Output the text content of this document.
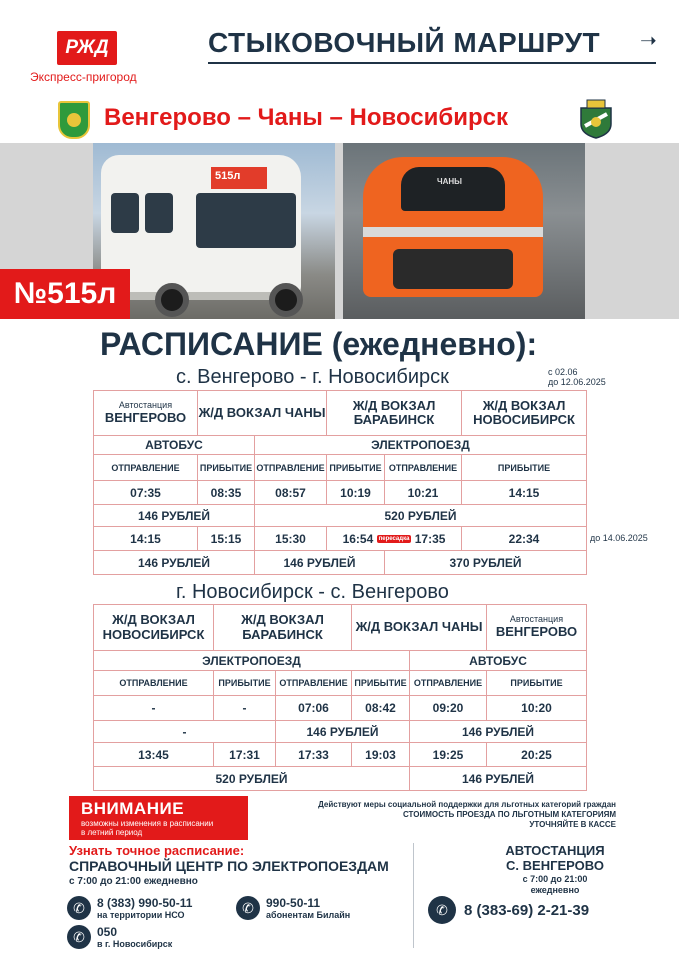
РЖД
Экспресс-пригород
СТЫКОВОЧНЫЙ МАРШРУТ ➝
Венгерово – Чаны – Новосибирск
515л	ЧАНЫ
№515л
РАСПИСАНИЕ (ежедневно):
с. Венгерово - г. Новосибирск	с 02.06
до 12.06.2025
Автостанция
ВЕНГЕРОВО	Ж/Д ВОКЗАЛ ЧАНЫ		Ж/Д ВОКЗАЛ БАРАБИНСК		Ж/Д ВОКЗАЛ НОВОСИБИРСК
АВТОБУС		ЭЛЕКТРОПОЕЗД			
ОТПРАВЛЕНИЕ	ПРИБЫТИЕ	ОТПРАВЛЕНИЕ	ПРИБЫТИЕ	ОТПРАВЛЕНИЕ	ПРИБЫТИЕ
07:35	08:35	08:57	10:19	10:21	14:15
146 РУБЛЕЙ		520 РУБЛЕЙ			
14:15	15:15	15:30	16:54 пересадка 17:35		22:34
146 РУБЛЕЙ		146 РУБЛЕЙ		370 РУБЛЕЙ	
до 14.06.2025
г. Новосибирск - с. Венгерово
Ж/Д ВОКЗАЛ НОВОСИБИРСК	Ж/Д ВОКЗАЛ БАРАБИНСК		Ж/Д ВОКЗАЛ ЧАНЫ		Автостанция
ВЕНГЕРОВО

ЭЛЕКТРОПОЕЗД				АВТОБУС	
ОТПРАВЛЕНИЕ	ПРИБЫТИЕ	ОТПРАВЛЕНИЕ	ПРИБЫТИЕ	ОТПРАВЛЕНИЕ	ПРИБЫТИЕ
-	-	07:06	08:42	09:20	10:20
-		146 РУБЛЕЙ		146 РУБЛЕЙ	
13:45	17:31	17:33	19:03	19:25	20:25
520 РУБЛЕЙ				146 РУБЛЕЙ	
ВНИМАНИЕ
возможны изменения в расписании
в летний период
Действуют меры социальной поддержки для льготных категорий граждан
СТОИМОСТЬ ПРОЕЗДА ПО ЛЬГОТНЫМ КАТЕГОРИЯМ
УТОЧНЯЙТЕ В КАССЕ
Узнать точное расписание:
СПРАВОЧНЫЙ ЦЕНТР ПО ЭЛЕКТРОПОЕЗДАМ
с 7:00 до 21:00 ежедневно
✆	8 (383) 990-50-11
на территории НСО	✆	990-50-11
абонентам Билайн
✆	050
в г. Новосибирск
АВТОСТАНЦИЯ
С. ВЕНГЕРОВО
с 7:00 до 21:00
ежедневно
✆	8 (383-69) 2-21-39
